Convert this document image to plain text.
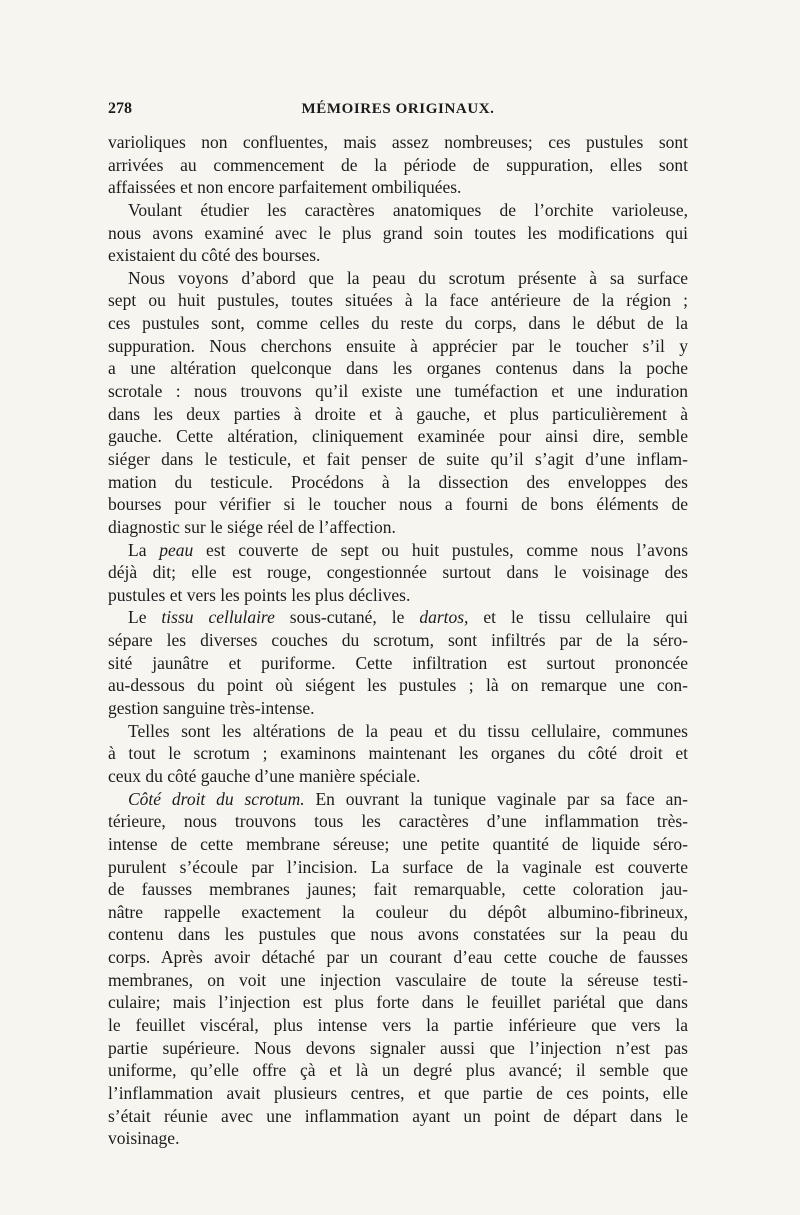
278	MÉMOIRES ORIGINAUX.
varioliques non confluentes, mais assez nombreuses; ces pustules sont
arrivées au commencement de la période de suppuration, elles sont
affaissées et non encore parfaitement ombiliquées.
Voulant étudier les caractères anatomiques de l’orchite varioleuse,
nous avons examiné avec le plus grand soin toutes les modifications qui
existaient du côté des bourses.
Nous voyons d’abord que la peau du scrotum présente à sa surface
sept ou huit pustules, toutes situées à la face antérieure de la région ;
ces pustules sont, comme celles du reste du corps, dans le début de la
suppuration. Nous cherchons ensuite à apprécier par le toucher s’il y
a une altération quelconque dans les organes contenus dans la poche
scrotale : nous trouvons qu’il existe une tuméfaction et une induration
dans les deux parties à droite et à gauche, et plus particulièrement à
gauche. Cette altération, cliniquement examinée pour ainsi dire, semble
siéger dans le testicule, et fait penser de suite qu’il s’agit d’une inflam-
mation du testicule. Procédons à la dissection des enveloppes des
bourses pour vérifier si le toucher nous a fourni de bons éléments de
diagnostic sur le siége réel de l’affection.
La peau est couverte de sept ou huit pustules, comme nous l’avons
déjà dit; elle est rouge, congestionnée surtout dans le voisinage des
pustules et vers les points les plus déclives.
Le tissu cellulaire sous-cutané, le dartos, et le tissu cellulaire qui
sépare les diverses couches du scrotum, sont infiltrés par de la séro-
sité jaunâtre et puriforme. Cette infiltration est surtout prononcée
au-dessous du point où siégent les pustules ; là on remarque une con-
gestion sanguine très-intense.
Telles sont les altérations de la peau et du tissu cellulaire, communes
à tout le scrotum ; examinons maintenant les organes du côté droit et
ceux du côté gauche d’une manière spéciale.
Côté droit du scrotum. En ouvrant la tunique vaginale par sa face an-
térieure, nous trouvons tous les caractères d’une inflammation très-
intense de cette membrane séreuse; une petite quantité de liquide séro-
purulent s’écoule par l’incision. La surface de la vaginale est couverte
de fausses membranes jaunes; fait remarquable, cette coloration jau-
nâtre rappelle exactement la couleur du dépôt albumino-fibrineux,
contenu dans les pustules que nous avons constatées sur la peau du
corps. Après avoir détaché par un courant d’eau cette couche de fausses
membranes, on voit une injection vasculaire de toute la séreuse testi-
culaire; mais l’injection est plus forte dans le feuillet pariétal que dans
le feuillet viscéral, plus intense vers la partie inférieure que vers la
partie supérieure. Nous devons signaler aussi que l’injection n’est pas
uniforme, qu’elle offre çà et là un degré plus avancé; il semble que
l’inflammation avait plusieurs centres, et que partie de ces points, elle
s’était réunie avec une inflammation ayant un point de départ dans le
voisinage.
